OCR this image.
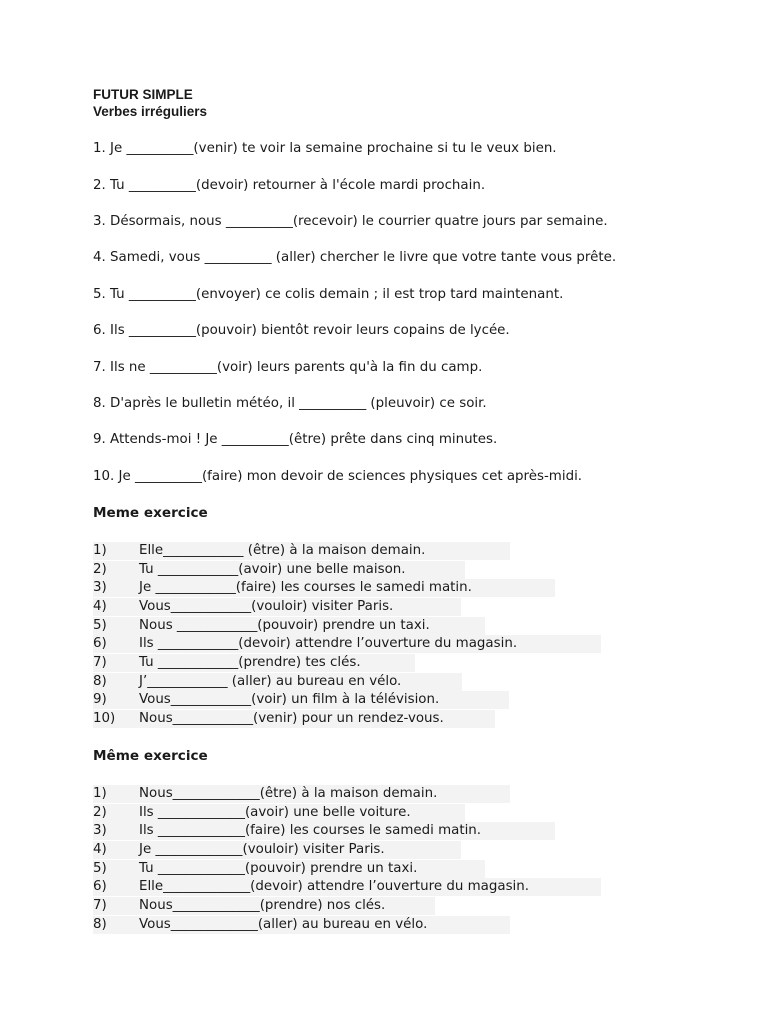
FUTUR SIMPLE
Verbes irréguliers
1. Je __________(venir) te voir la semaine prochaine si tu le veux bien.
2. Tu __________(devoir) retourner à l'école mardi prochain.
3. Désormais, nous __________(recevoir) le courrier quatre jours par semaine.
4. Samedi, vous __________ (aller) chercher le livre que votre tante vous prête.
5. Tu __________(envoyer) ce colis demain ; il est trop tard maintenant.
6. Ils __________(pouvoir) bientôt revoir leurs copains de lycée.
7. Ils ne __________(voir) leurs parents qu'à la fin du camp.
8. D'après le bulletin météo, il __________ (pleuvoir) ce soir.
9. Attends-moi ! Je __________(être) prête dans cinq minutes.
10. Je __________(faire) mon devoir de sciences physiques cet après-midi.
Meme exercice

1)

Elle____________ (être) à la maison demain.

2)

Tu ____________(avoir) une belle maison.

3)

Je ____________(faire) les courses le samedi matin.

4)

Vous____________(vouloir) visiter Paris.

5)

Nous ____________(pouvoir) prendre un taxi.

6)

Ils ____________(devoir) attendre l’ouverture du magasin.

7)

Tu ____________(prendre) tes clés.

8)

J’____________ (aller) au bureau en vélo.

9)

Vous____________(voir) un film à la télévision.

10)

Nous____________(venir) pour un rendez-vous.

Même exercice

1)

Nous_____________(être) à la maison demain.

2)

Ils _____________(avoir) une belle voiture.

3)

Ils _____________(faire) les courses le samedi matin.

4)

Je _____________(vouloir) visiter Paris.

5)

Tu _____________(pouvoir) prendre un taxi.

6)

Elle_____________(devoir) attendre l’ouverture du magasin.

7)

Nous_____________(prendre) nos clés.

8)

Vous_____________(aller) au bureau en vélo.
